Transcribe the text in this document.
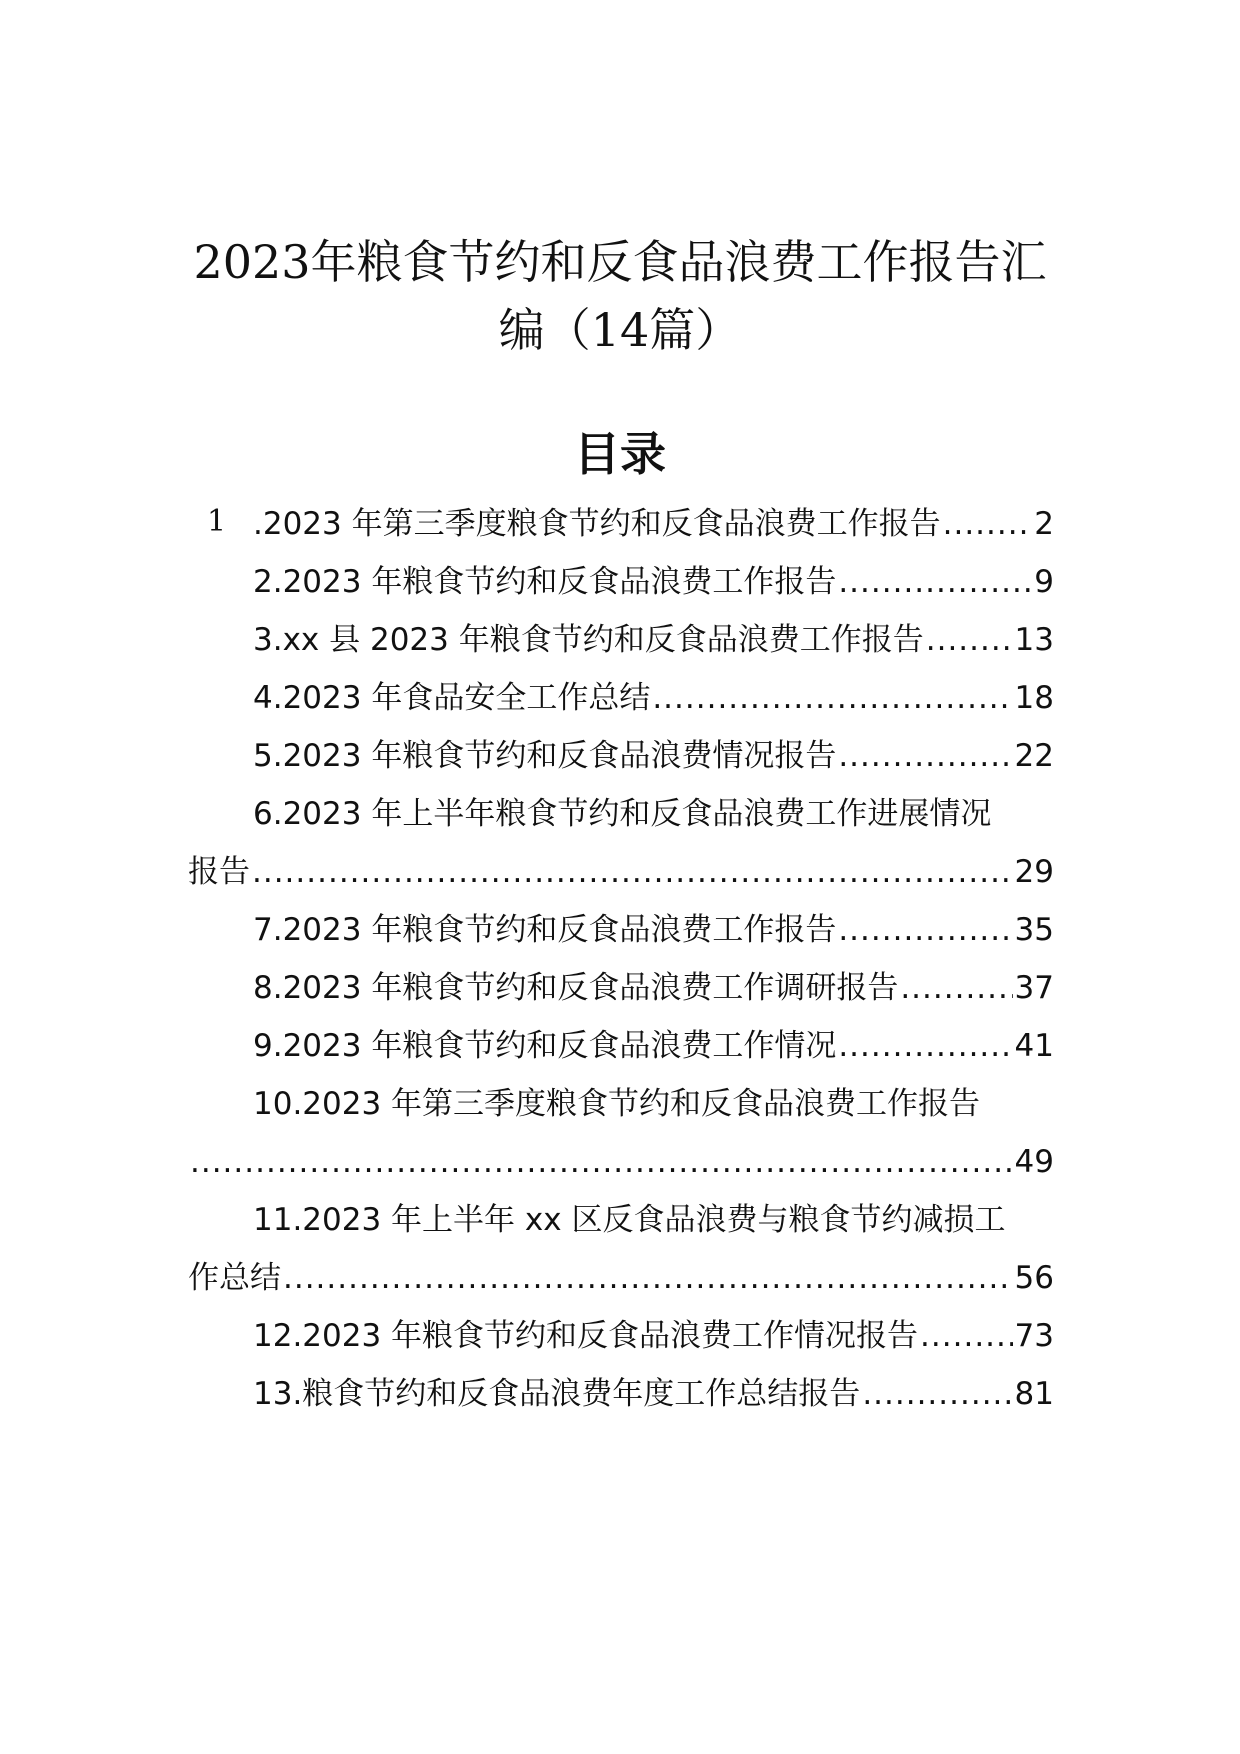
2023年粮食节约和反食品浪费工作报告汇
编（14篇）
目录
1 .2023 年第三季度粮食节约和反食品浪费工作报告 .....	2
2.2023 年粮食节约和反食品浪费工作报告 .....	9
3.xx 县 2023 年粮食节约和反食品浪费工作报告 .....	13
4.2023 年食品安全工作总结 .....	18
5.2023 年粮食节约和反食品浪费情况报告 .....	22
6.2023 年上半年粮食节约和反食品浪费工作进展情况
报告 .....	29
7.2023 年粮食节约和反食品浪费工作报告 .....	35
8.2023 年粮食节约和反食品浪费工作调研报告 .....	37
9.2023 年粮食节约和反食品浪费工作情况 .....	41
10.2023 年第三季度粮食节约和反食品浪费工作报告
.....
49
11.2023 年上半年 xx 区反食品浪费与粮食节约减损工
作总结 .....	56
12.2023 年粮食节约和反食品浪费工作情况报告 .....	73
13.粮食节约和反食品浪费年度工作总结报告 .....	81
